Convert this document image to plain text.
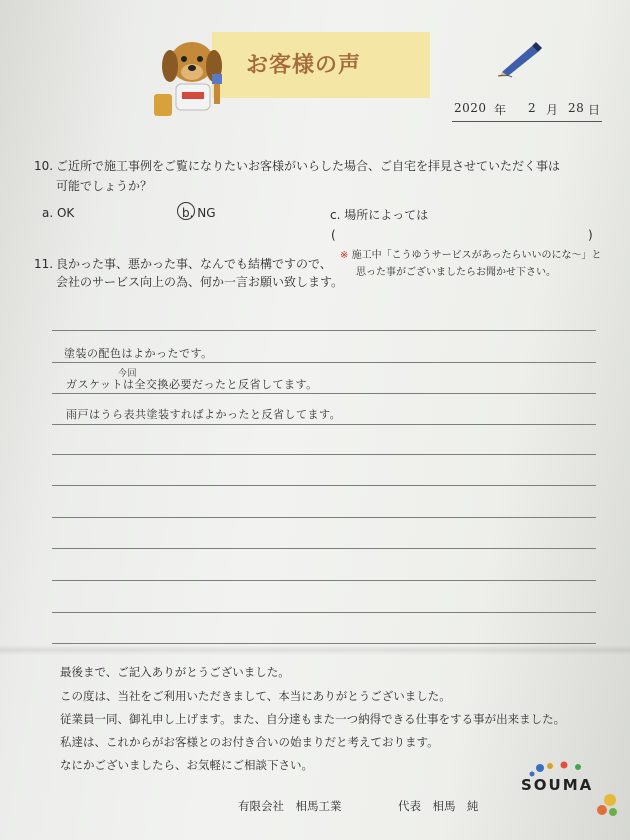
お客様の声
2020 年 2 月 28 日
10. ご近所で施工事例をご覧になりたいお客様がいらした場合、ご自宅を拝見させていただく事は
可能でしょうか？
a. OK	b. NG	c. 場所によっては
(	)
11. 良かった事、悪かった事、なんでも結構ですので、
会社のサービス向上の為、何か一言お願い致します。
※ 施工中「こうゆうサービスがあったらいいのにな〜」と
思った事がございましたらお聞かせ下さい。
塗装の配色はよかったです。
今回
ガスケットは全交換必要だったと反省してます。
雨戸はうら表共塗装すればよかったと反省してます。
最後まで、ご記入ありがとうございました。
この度は、当社をご利用いただきまして、本当にありがとうございました。
従業員一同、御礼申し上げます。また、自分達もまた一つ納得できる仕事をする事が出来ました。
私達は、これからがお客様とのお付き合いの始まりだと考えております。
なにかございましたら、お気軽にご相談下さい。
有限会社　相馬工業	代表　相馬　純
SOUMA
